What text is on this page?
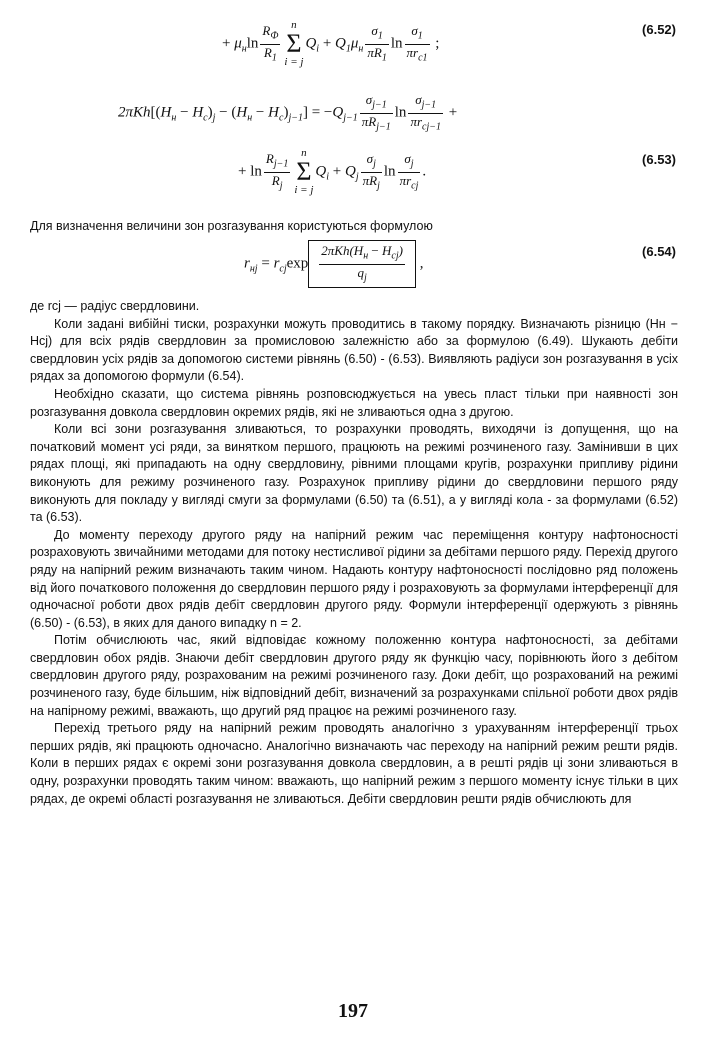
+ $\mu_н\ln \frac{R_Ф}{R_1}$ n
Σ
i = j
$Q_i + Q_1\mu_н \frac{\sigma_1}{\pi R_1}$ $\ln \frac{\sigma_1}{\pi r_{c1}}$ ;
(6.52)
$2\pi Kh[(H_н - H_с)_j - (H_н - H_с)_{j-1}] = -Q_{j-1} \frac{\sigma_{j-1}}{\pi R_{j-1}}$ $\ln \frac{\sigma_{j-1}}{\pi r_{cj-1}}$ +
+ $\ln \frac{R_{j-1}}{R_j}$ n
Σ
i = j
$Q_i + Q_j \frac{\sigma_j}{\pi R_j}$ $\ln \frac{\sigma_j}{\pi r_{cj}}$ .
(6.53)

Для визначення величини зон розгазування користуються формулою

$r_{нj} = r_{cj}\exp \frac{2\pi Kh(H_н - H_{cj})}{q_j}$ ,
(6.54)

де rcj — радіус свердловини.

Коли задані вибійні тиски, розрахунки можуть проводитись в такому порядку. Визначають різницю (Hн − Hcj) для всіх рядів свердловин за промисловою залежністю або за формулою (6.49). Шукають дебіти свердловин усіх рядів за допомогою системи рівнянь (6.50) - (6.53). Виявляють радіуси зон розгазування в усіх рядах за допомогою формули (6.54).

Необхідно сказати, що система рівнянь розповсюджується на увесь пласт тільки при наявності зон розгазування довкола свердловин окремих рядів, які не зливаються одна з другою.

Коли всі зони розгазування зливаються, то розрахунки проводять, виходячи із допущення, що на початковий момент усі ряди, за винятком першого, працюють на режимі розчиненого газу. Замінивши в цих рядах площі, які припадають на одну свердловину, рівними площами кругів, розрахунки припливу рідини виконують для режиму розчиненого газу. Розрахунок припливу рідини до свердловини першого ряду виконують для покладу у вигляді смуги за формулами (6.50) та (6.51), а у вигляді кола - за формулами (6.52) та (6.53).

До моменту переходу другого ряду на напірний режим час переміщення контуру нафтоносності розраховують звичайними методами для потоку нестисливої рідини за дебітами першого ряду. Перехід другого ряду на напірний режим визначають таким чином. Надають контуру нафтоносності послідовно ряд положень від його початкового положення до свердловин першого ряду і розраховують за формулами інтерференції для одночасної роботи двох рядів дебіт свердловин другого ряду. Формули інтерференції одержують з рівнянь (6.50) - (6.53), в яких для даного випадку n = 2.

Потім обчислюють час, який відповідає кожному положенню контура нафтоносності, за дебітами свердловин обох рядів. Знаючи дебіт свердловин другого ряду як функцію часу, порівнюють його з дебітом свердловин другого ряду, розрахованим на режимі розчиненого газу. Доки дебіт, що розрахований на режимі розчиненого газу, буде більшим, ніж відповідний дебіт, визначений за розрахунками спільної роботи двох рядів на напірному режимі, вважають, що другий ряд працює на режимі розчиненого газу.

Перехід третього ряду на напірний режим проводять аналогічно з урахуванням інтерференції трьох перших рядів, які працюють одночасно. Аналогічно визначають час переходу на напірний режим решти рядів. Коли в перших рядах є окремі зони розгазування довкола свердловин, а в решті рядів ці зони зливаються в одну, розрахунки проводять таким чином: вважають, що напірний режим з першого моменту існує тільки в цих рядах, де окремі області розгазування не зливаються. Дебіти свердловин решти рядів обчислюють для

197
